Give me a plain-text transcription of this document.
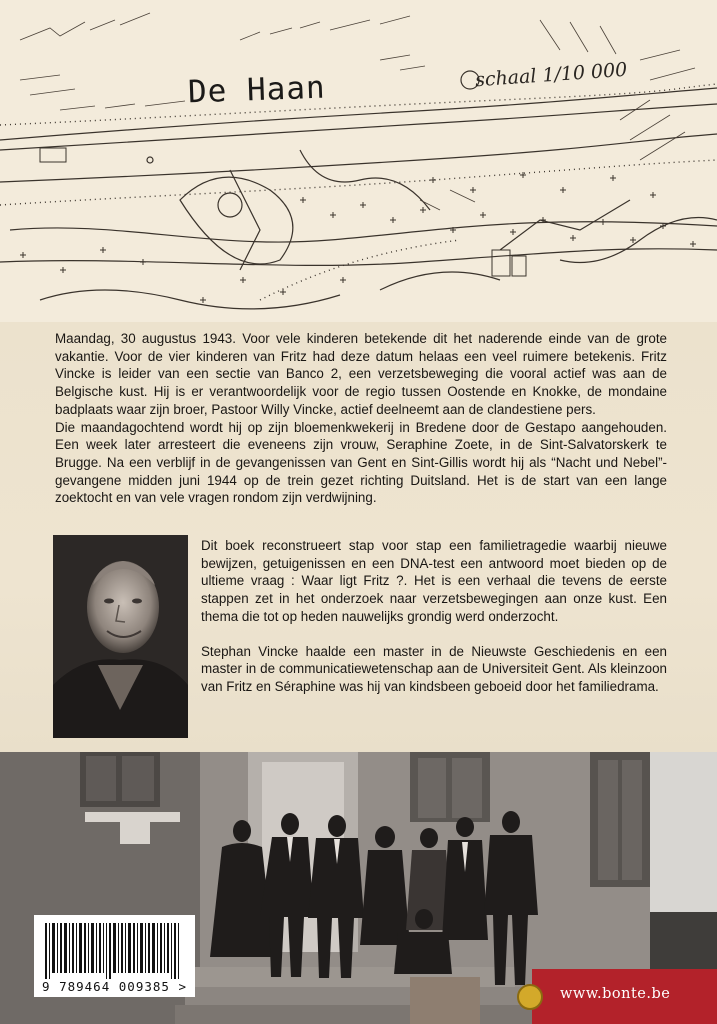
De Haan	schaal 1/10 000

Maandag, 30 augustus 1943. Voor vele kinderen betekende dit het naderende einde van de grote vakantie. Voor de vier kinderen van Fritz had deze datum helaas een veel ruimere betekenis. Fritz Vincke is leider van een sectie van Banco 2, een verzetsbeweging die vooral actief was aan de Belgische kust. Hij is er verantwoordelijk voor de regio tussen Oostende en Knokke, de mondaine badplaats waar zijn broer, Pastoor Willy Vincke, actief deelneemt aan de clandestiene pers.

Die maandagochtend wordt hij op zijn bloemenkwekerij in Bredene door de Gestapo aangehouden. Een week later arresteert die eveneens zijn vrouw, Seraphine Zoete, in de Sint-Salvatorskerk te Brugge. Na een verblijf in de gevangenissen van Gent en Sint-Gillis wordt hij als “Nacht und Nebel”-gevangene midden juni 1944 op de trein gezet richting Duitsland. Het is de start van een lange zoektocht en van vele vragen rondom zijn verdwijning.

Dit boek reconstrueert stap voor stap een familietragedie waarbij nieuwe bewijzen, getuigenissen en een DNA-test een antwoord moet bieden op de ultieme vraag : Waar ligt Fritz ?. Het is een verhaal die tevens de eerste stappen zet in het onderzoek naar verzetsbewegingen aan onze kust. Een thema die tot op heden nauwelijks grondig werd onderzocht.

Stephan Vincke haalde een master in de Nieuwste Geschiedenis en een master in de communicatiewetenschap aan de Universiteit Gent. Als kleinzoon van Fritz en Séraphine was hij van kindsbeen geboeid door het familiedrama.

9 789464 009385 >	www.bonte.be
